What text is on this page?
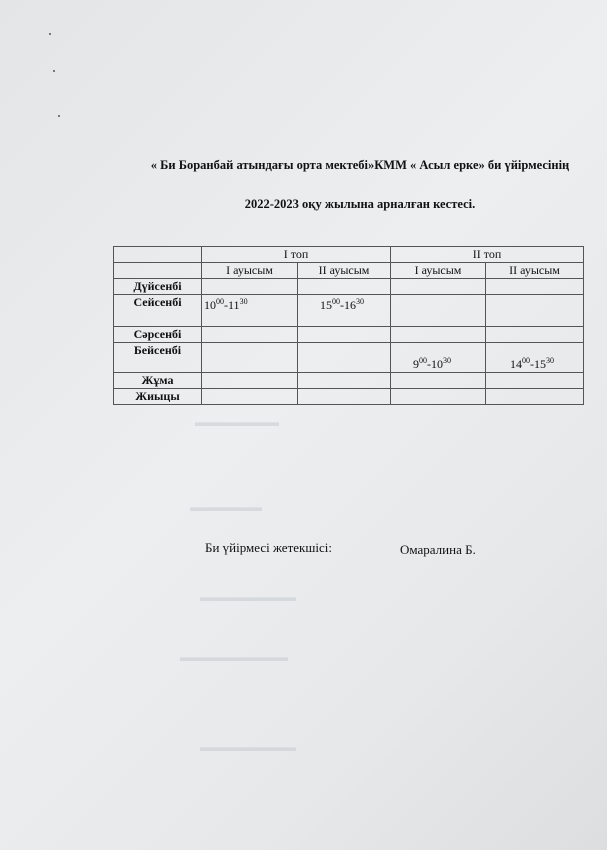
▬▬▬▬▬▬▬
▬▬▬▬▬▬
▬▬▬▬▬▬▬▬
▬▬▬▬▬▬▬▬▬
▬▬▬▬▬▬▬▬
« Би Боранбай атындағы орта мектебі»КММ « Асыл ерке» би үйірмесінің
2022-2023 оқу жылына арналған кестесі.
	I топ		II топ	
	I ауысым	II ауысым	I ауысым	II ауысым
Дүйсенбі				
Сейсенбі	$10^{00}-11^{30}$	$15^{00}-16^{30}$		
Сәрсенбі				
Бейсенбі			$9^{00}-10^{30}$	$14^{00}-15^{30}$
Жұма				
Жиыцы				
Би үйірмесі жетекшісі:	Омаралина Б.
